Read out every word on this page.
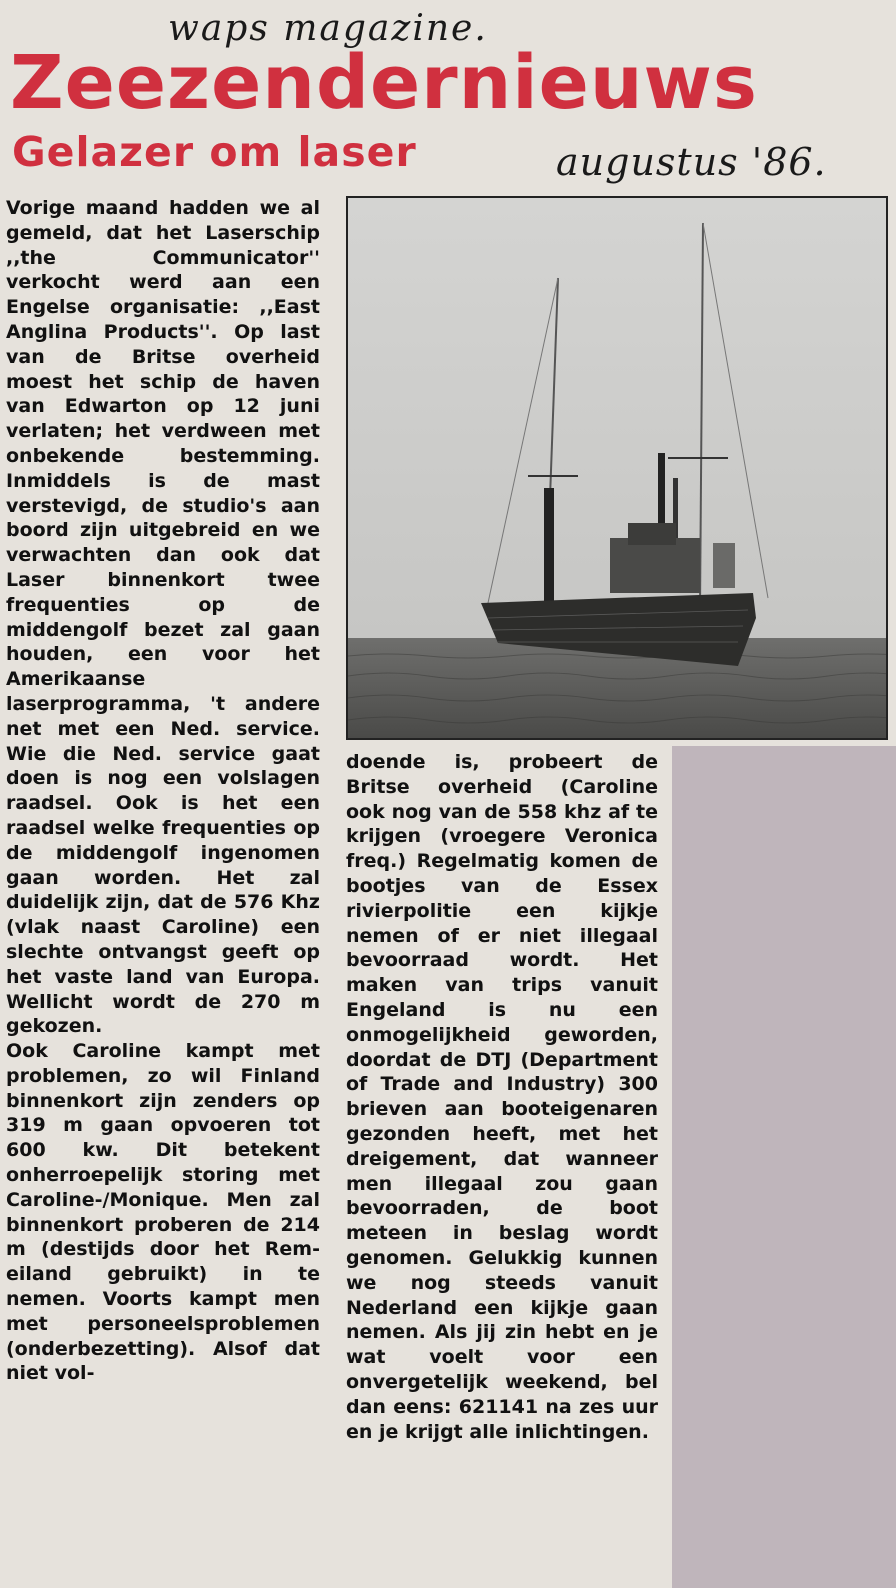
waps magazine.
augustus '86.
Zeezendernieuws
Gelazer om laser

Vorige maand hadden we al gemeld, dat het Laserschip ,,the Communicator'' verkocht werd aan een Engelse organisatie: ,,East Anglina Products''. Op last van de Britse overheid moest het schip de haven van Edwarton op 12 juni verlaten; het verdween met onbekende bestemming. Inmiddels is de mast verstevigd, de studio's aan boord zijn uitgebreid en we verwachten dan ook dat Laser binnenkort twee frequenties op de middengolf bezet zal gaan houden, een voor het Amerikaanse laserprogramma, 't andere net met een Ned. service. Wie die Ned. service gaat doen is nog een volslagen raadsel. Ook is het een raadsel welke frequenties op de middengolf ingenomen gaan worden. Het zal duidelijk zijn, dat de 576 Khz (vlak naast Caroline) een slechte ontvangst geeft op het vaste land van Europa. Wellicht wordt de 270 m gekozen.

Ook Caroline kampt met problemen, zo wil Finland binnenkort zijn zenders op 319 m gaan opvoeren tot 600 kw. Dit betekent onherroepelijk storing met Caroline-/Monique. Men zal binnenkort proberen de 214 m (destijds door het Rem-eiland gebruikt) in te nemen. Voorts kampt men met personeelsproblemen (onderbezetting). Alsof dat niet vol-

doende is, probeert de Britse overheid (Caroline ook nog van de 558 khz af te krijgen (vroegere Veronica freq.) Regelmatig komen de bootjes van de Essex rivierpolitie een kijkje nemen of er niet illegaal bevoorraad wordt. Het maken van trips vanuit Engeland is nu een onmogelijkheid geworden, doordat de DTJ (Department of Trade and Industry) 300 brieven aan booteigenaren gezonden heeft, met het dreigement, dat wanneer men illegaal zou gaan bevoorraden, de boot meteen in beslag wordt genomen. Gelukkig kunnen we nog steeds vanuit Nederland een kijkje gaan nemen. Als jij zin hebt en je wat voelt voor een onvergetelijk weekend, bel dan eens: 621141 na zes uur en je krijgt alle inlichtingen.
